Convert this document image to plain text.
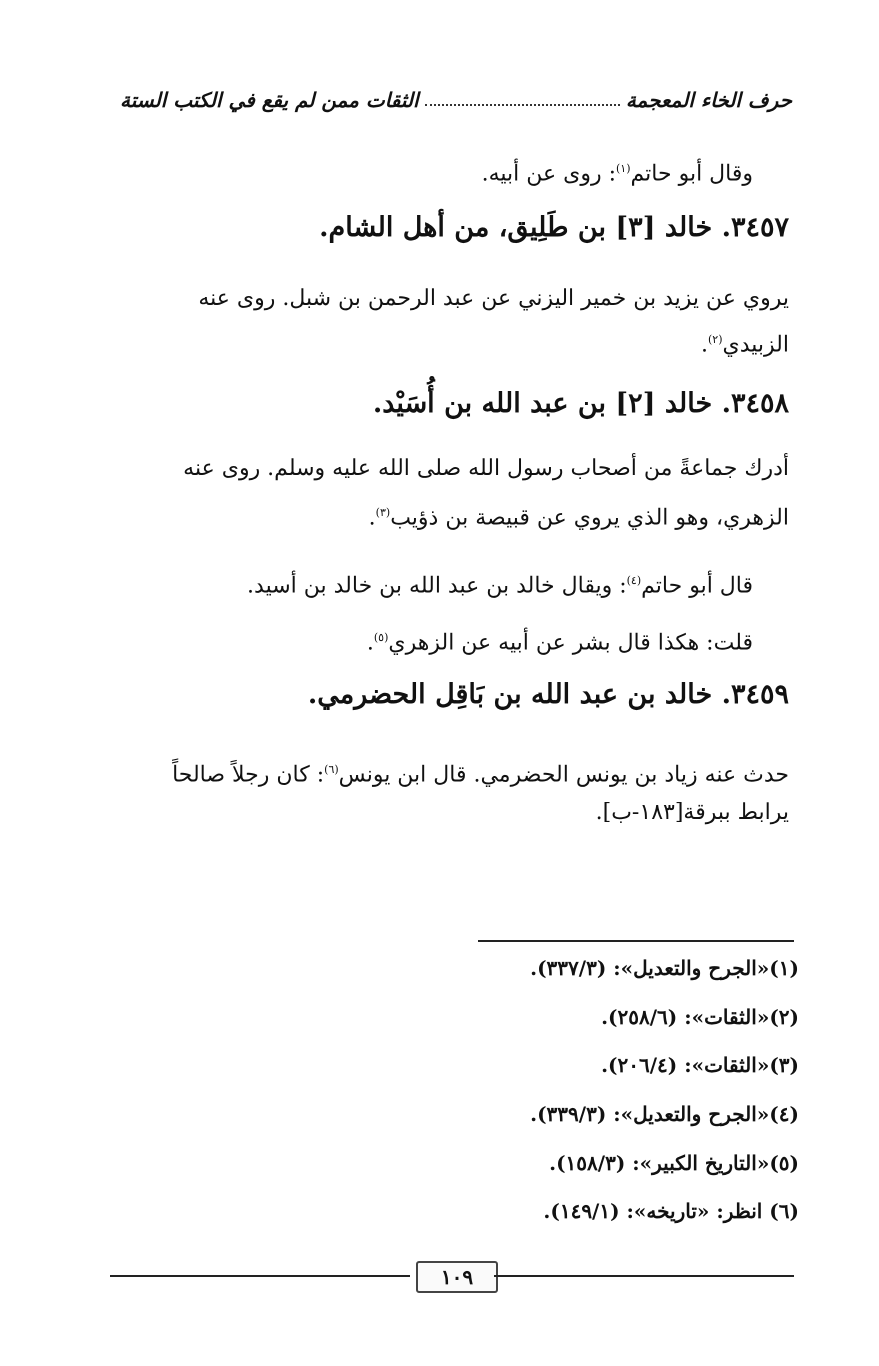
حرف الخاء المعجمة
الثقات ممن لم يقع في الكتب الستة
وقال أبو حاتم$^{(١)}$: روى عن أبيه.
٣٤٥٧. خالد [٣] بن طَلِيق، من أهل الشام.
يروي عن يزيد بن خمير اليزني عن عبد الرحمن بن شبل. روى عنه
الزبيدي$^{(٢)}$.
٣٤٥٨. خالد [٢] بن عبد الله بن أُسَيْد.
أدرك جماعةً من أصحاب رسول الله صلى الله عليه وسلم. روى عنه
الزهري، وهو الذي يروي عن قبيصة بن ذؤيب$^{(٣)}$.
قال أبو حاتم$^{(٤)}$: ويقال خالد بن عبد الله بن خالد بن أسيد.
قلت: هكذا قال بشر عن أبيه عن الزهري$^{(٥)}$.
٣٤٥٩. خالد بن عبد الله بن بَاقِل الحضرمي.
حدث عنه زياد بن يونس الحضرمي. قال ابن يونس$^{(٦)}$: كان رجلاً صالحاً
يرابط ببرقة[١٨٣-ب].
(١)«الجرح والتعديل»: (٣٣٧/٣).
(٢)«الثقات»: (٢٥٨/٦).
(٣)«الثقات»: (٢٠٦/٤).
(٤)«الجرح والتعديل»: (٣٣٩/٣).
(٥)«التاريخ الكبير»: (١٥٨/٣).
(٦) انظر: «تاريخه»: (١٤٩/١).
١٠٩
